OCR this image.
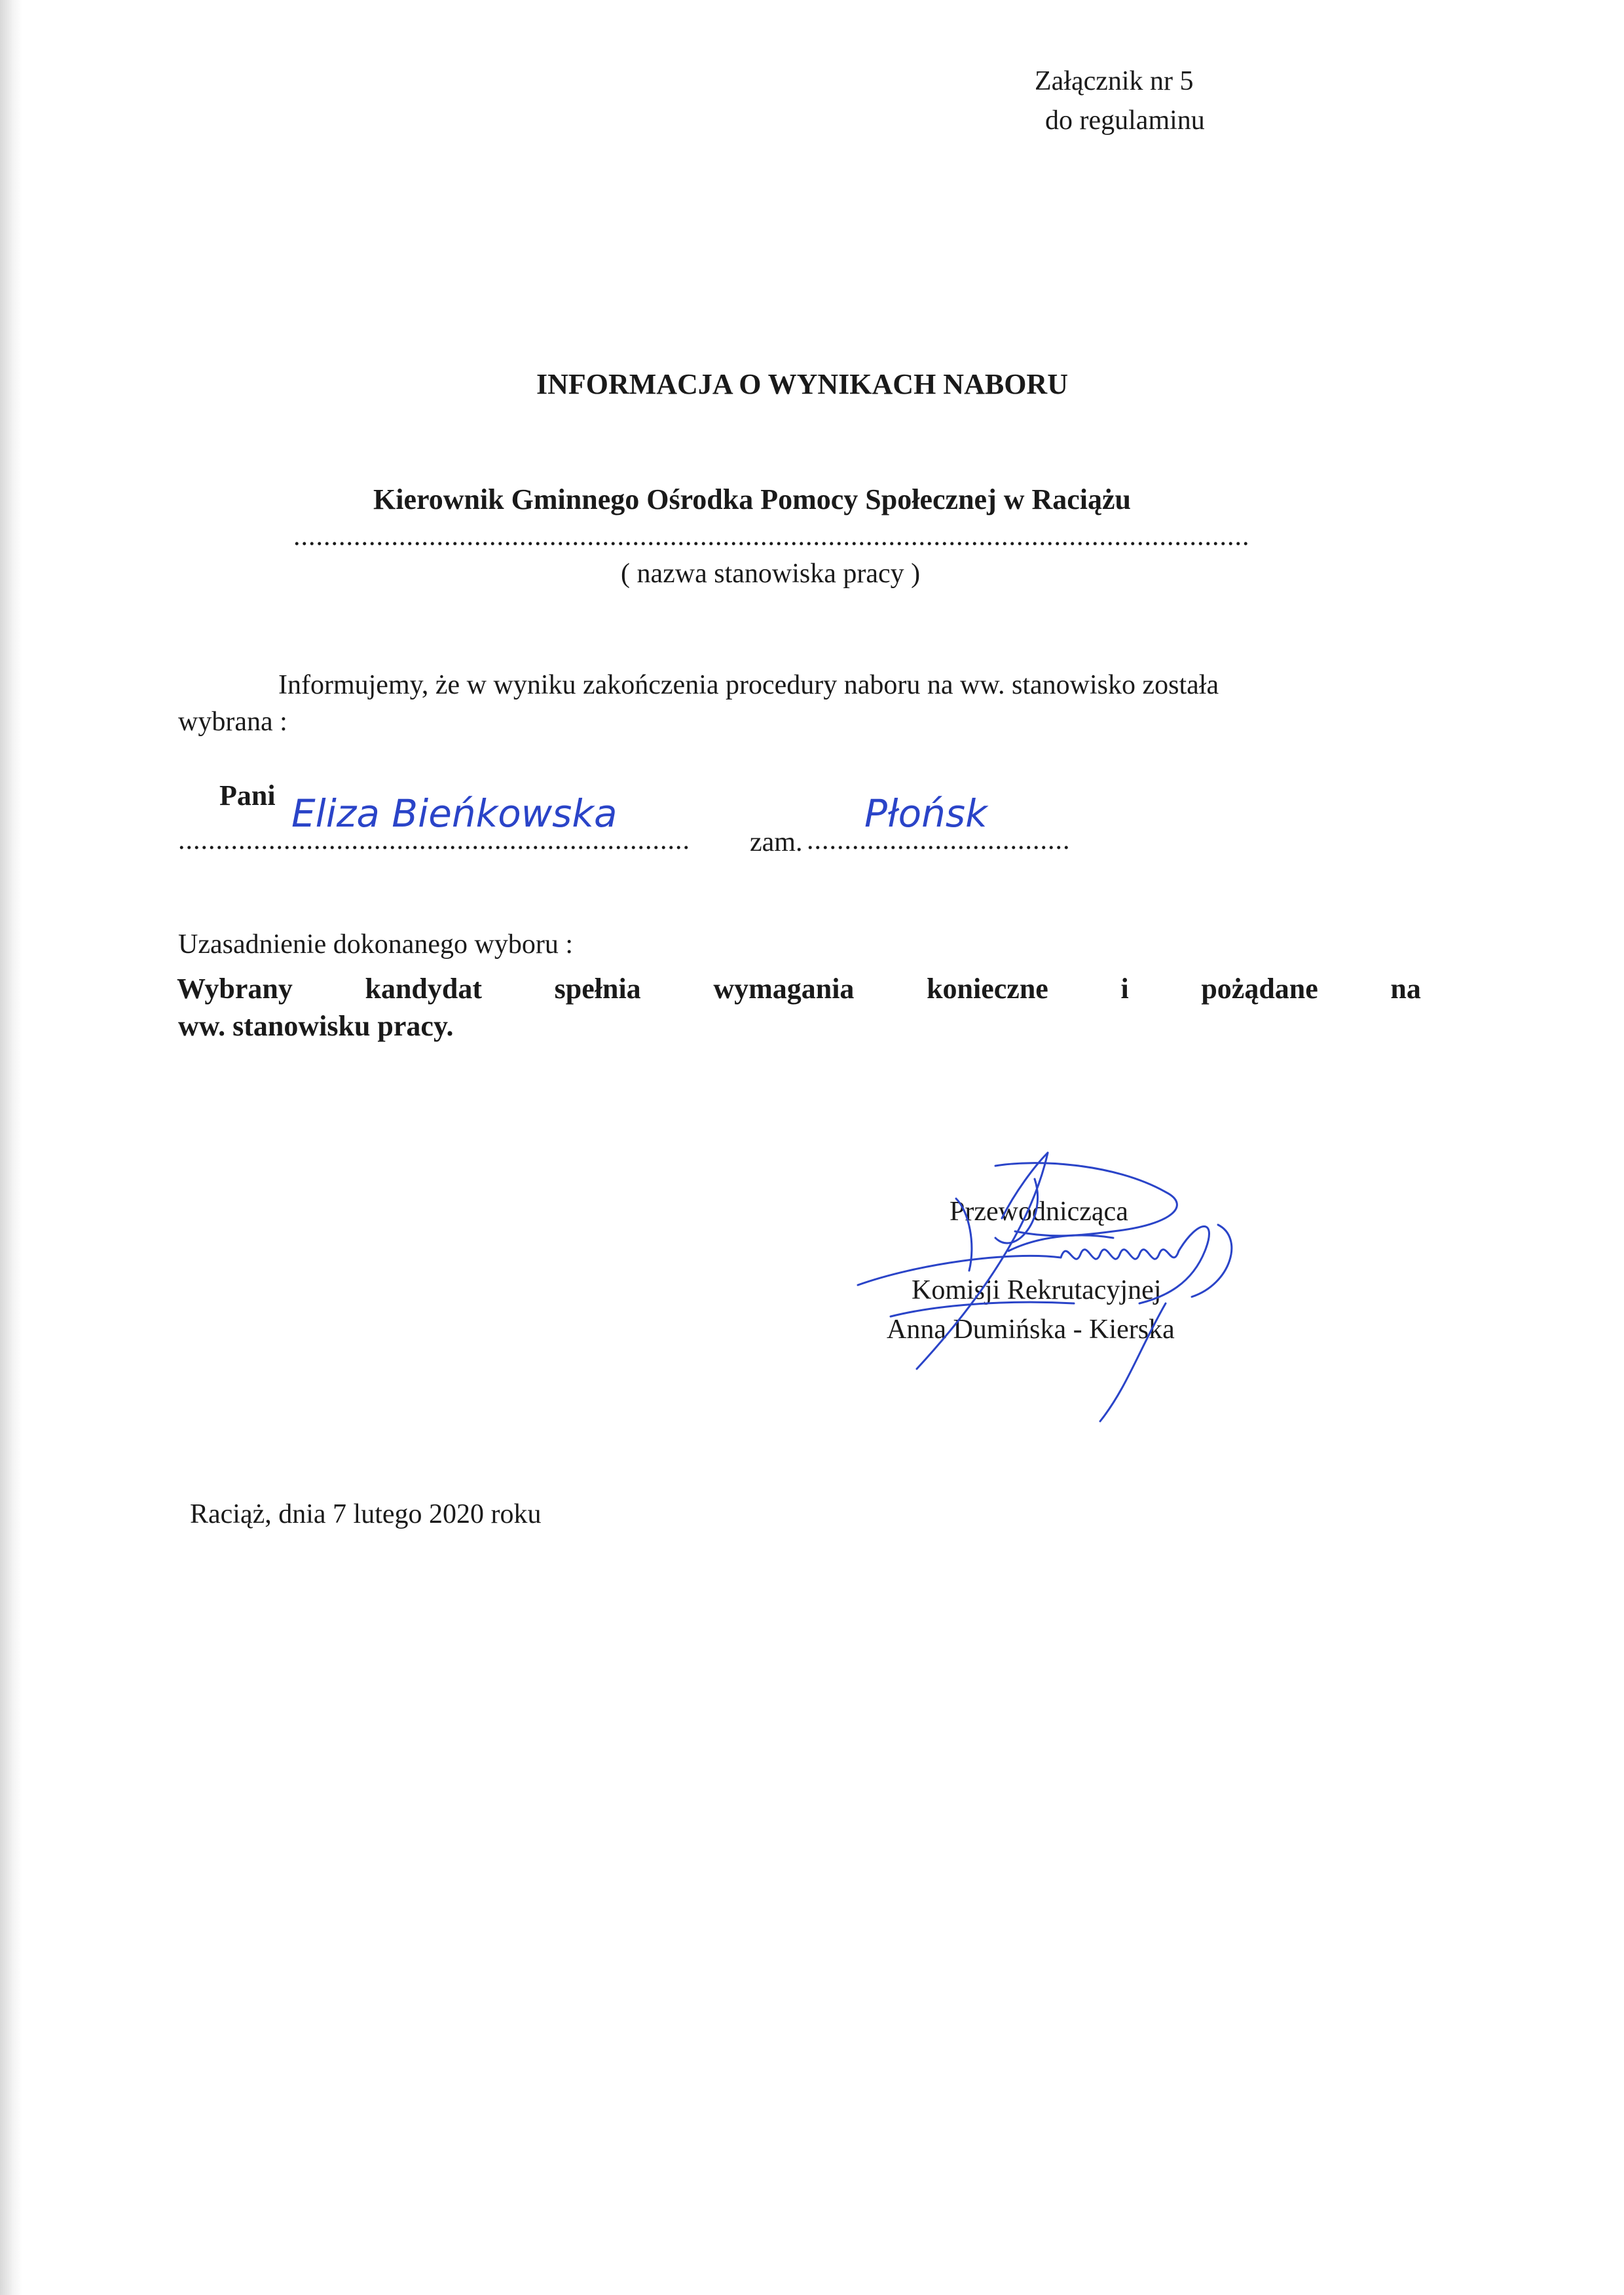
Załącznik nr 5
do regulaminu
INFORMACJA O WYNIKACH NABORU
Kierownik Gminnego Ośrodka Pomocy Społecznej w Raciążu
...............................................................................................................................
( nazwa stanowiska pracy )
Informujemy, że w wyniku zakończenia procedury naboru na ww. stanowisko została
wybrana :
Pani
....................................................................
Eliza Bieńkowska
zam. ...................................
Płońsk
Uzasadnienie dokonanego wyboru :
Wybrany	kandydat	spełnia	wymagania	konieczne	i	pożądane	na
ww. stanowisku pracy.
Przewodnicząca
Komisji Rekrutacyjnej
Anna Dumińska - Kierska
Raciąż, dnia 7 lutego 2020 roku
